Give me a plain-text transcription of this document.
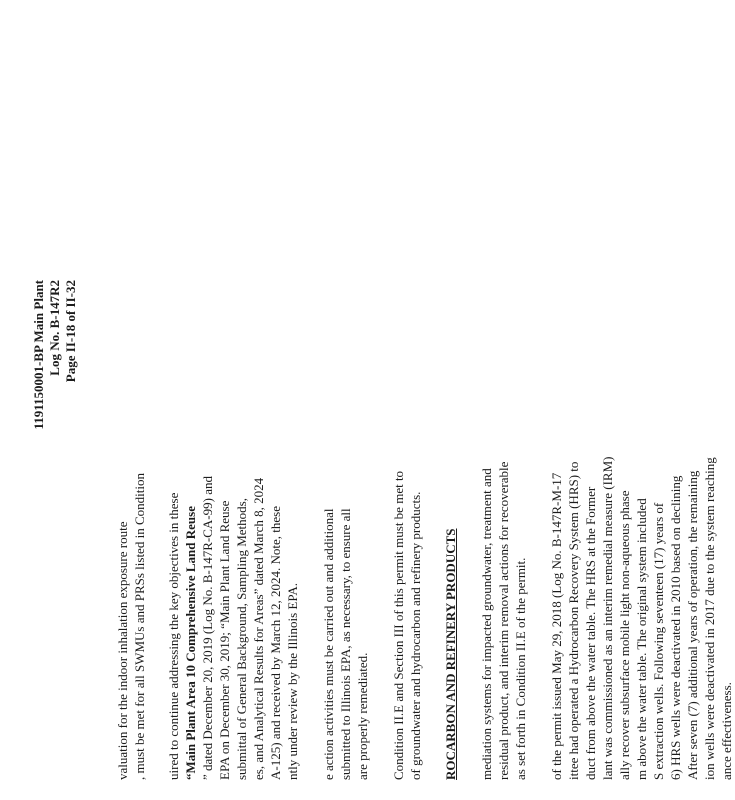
1191150001-BP Main Plant Log No. B-147R2 Page II-18 of II-32
valuation for the indoor inhalation exposure route , must be met for all SWMUs and PRSs listed in Condition uired to continue addressing the key objectives in these “Main Plant Area 10 Comprehensive Land Reuse ” dated December 20, 2019 (Log No. B-147R-CA-99) and EPA on December 30, 2019; “Main Plant Land Reuse submittal of General Background, Sampling Methods, es, and Analytical Results for Areas” dated March 8, 2024 A-125) and received by March 12, 2024. Note, these ntly under review by the Illinois EPA. e action activities must be carried out and additional submitted to Illinois EPA, as necessary, to ensure all are properly remediated. Condition II.E and Section III of this permit must be met to of groundwater and hydrocarbon and refinery products. ROCARBON AND REFINERY PRODUCTS mediation systems for impacted groundwater, treatment and residual product, and interim removal actions for recoverable as set forth in Condition II.E of the permit. of the permit issued May 29, 2018 (Log No. B-147R-M-17 ittee had operated a Hydrocarbon Recovery System (HRS) to duct from above the water table. The HRS at the Former lant was commissioned as an interim remedial measure (IRM) ally recover subsurface mobile light non-aqueous phase m above the water table. The original system included S extraction wells. Following seventeen (17) years of 6) HRS wells were deactivated in 2010 based on declining After seven (7) additional years of operation, the remaining ion wells were deactivated in 2017 due to the system reaching ance effectiveness.
